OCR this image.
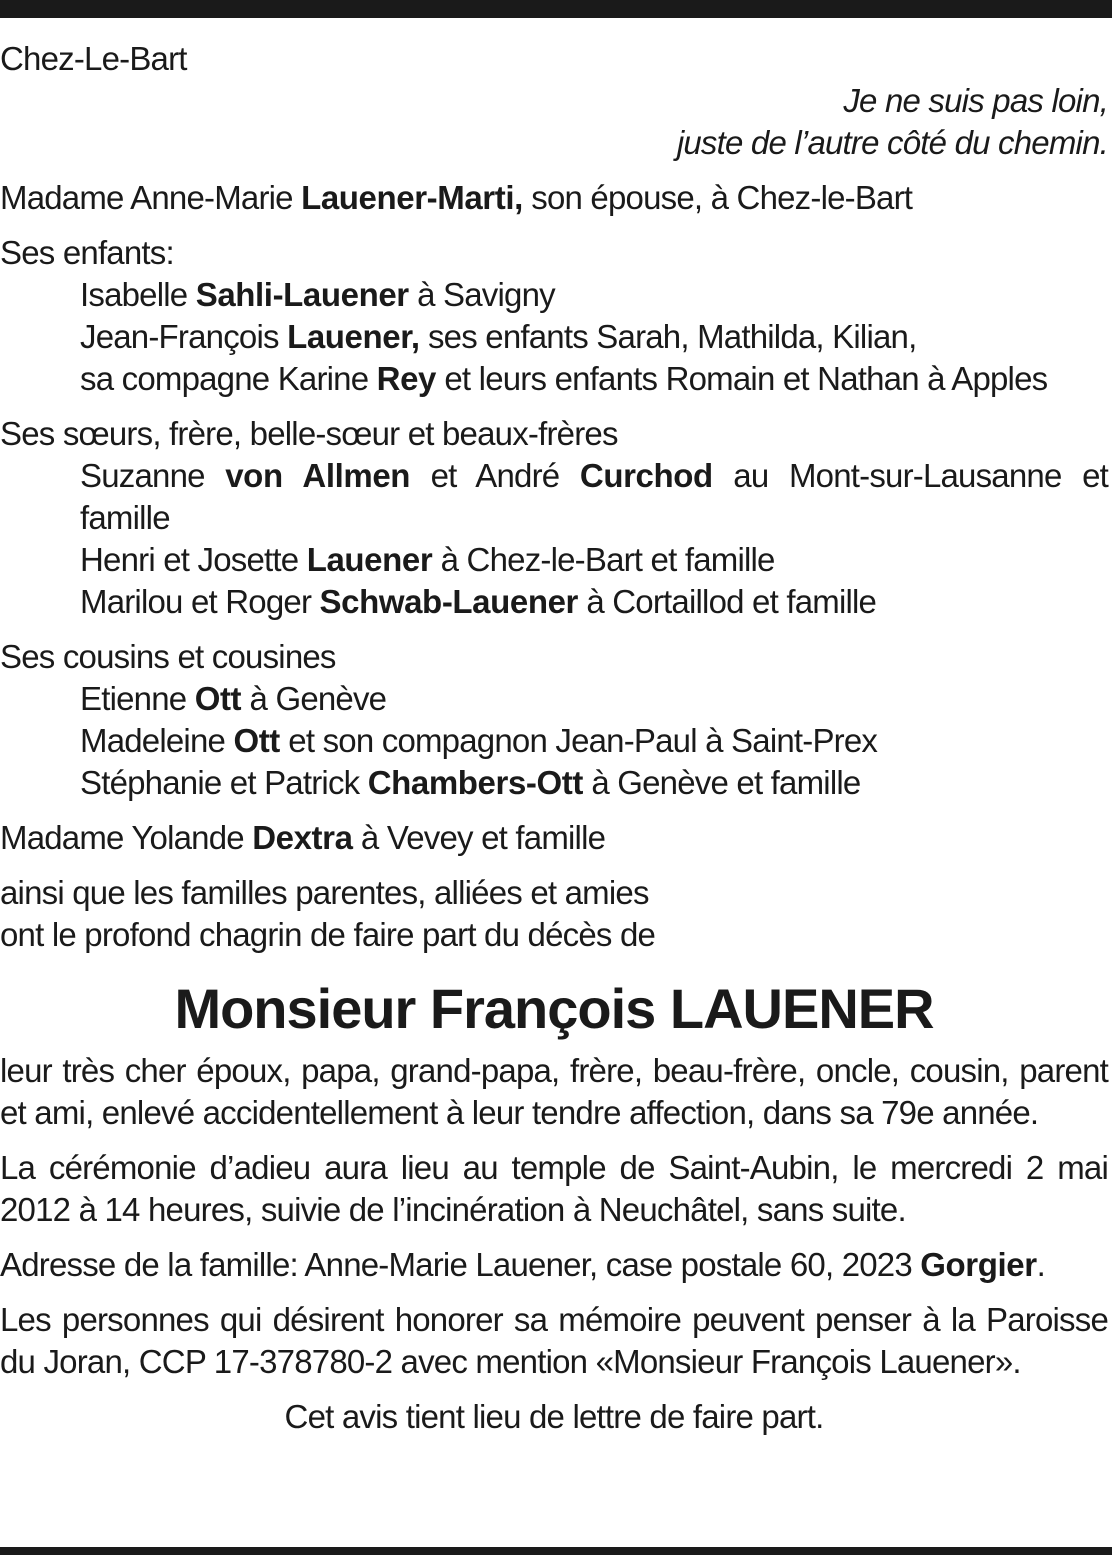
Chez-Le-Bart

Je ne suis pas loin,
juste de l’autre côté du chemin.

Madame Anne-Marie Lauener-Marti, son épouse, à Chez-le-Bart

Ses enfants:

Isabelle Sahli-Lauener à Savigny
Jean-François Lauener, ses enfants Sarah, Mathilda, Kilian,
sa compagne Karine Rey et leurs enfants Romain et Nathan à Apples

Ses sœurs, frère, belle-sœur et beaux-frères

Suzanne von Allmen et André Curchod au Mont-sur-Lausanne et famille
Henri et Josette Lauener à Chez-le-Bart et famille
Marilou et Roger Schwab-Lauener à Cortaillod et famille

Ses cousins et cousines

Etienne Ott à Genève
Madeleine Ott et son compagnon Jean-Paul à Saint-Prex
Stéphanie et Patrick Chambers-Ott à Genève et famille

Madame Yolande Dextra à Vevey et famille

ainsi que les familles parentes, alliées et amies
ont le profond chagrin de faire part du décès de

Monsieur François LAUENER

leur très cher époux, papa, grand-papa, frère, beau-frère, oncle, cousin, parent et ami, enlevé accidentellement à leur tendre affection, dans sa 79e année.

La cérémonie d’adieu aura lieu au temple de Saint-Aubin, le mercredi 2 mai 2012 à 14 heures, suivie de l’incinération à Neuchâtel, sans suite.

Adresse de la famille: Anne-Marie Lauener, case postale 60, 2023 Gorgier.

Les personnes qui désirent honorer sa mémoire peuvent penser à la Paroisse du Joran, CCP 17-378780-2 avec mention «Monsieur François Lauener».

Cet avis tient lieu de lettre de faire part.
